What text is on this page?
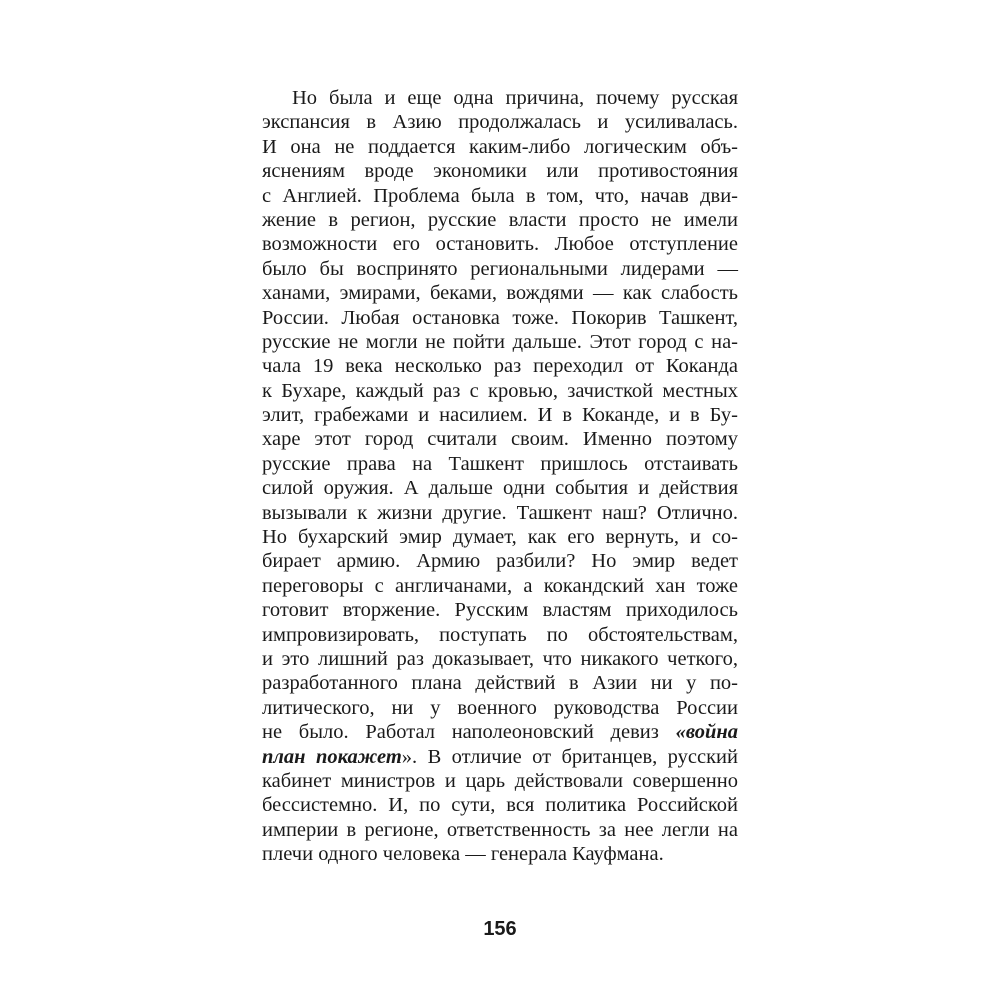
Но была и еще одна причина, почему русская
экспансия в Азию продолжалась и усиливалась.
И она не поддается каким-либо логическим объ-
яснениям вроде экономики или противостояния
с Англией. Проблема была в том, что, начав дви-
жение в регион, русские власти просто не имели
возможности его остановить. Любое отступление
было бы воспринято региональными лидерами —
ханами, эмирами, беками, вождями — как слабость
России. Любая остановка тоже. Покорив Ташкент,
русские не могли не пойти дальше. Этот город с на-
чала 19 века несколько раз переходил от Коканда
к Бухаре, каждый раз с кровью, зачисткой местных
элит, грабежами и насилием. И в Коканде, и в Бу-
харе этот город считали своим. Именно поэтому
русские права на Ташкент пришлось отстаивать
силой оружия. А дальше одни события и действия
вызывали к жизни другие. Ташкент наш? Отлично.
Но бухарский эмир думает, как его вернуть, и со-
бирает армию. Армию разбили? Но эмир ведет
переговоры с англичанами, а кокандский хан тоже
готовит вторжение. Русским властям приходилось
импровизировать, поступать по обстоятельствам,
и это лишний раз доказывает, что никакого четкого,
разработанного плана действий в Азии ни у по-
литического, ни у военного руководства России
не было. Работал наполеоновский девиз «война
план покажет». В отличие от британцев, русский
кабинет министров и царь действовали совершенно
бессистемно. И, по сути, вся политика Российской
империи в регионе, ответственность за нее легли на
плечи одного человека — генерала Кауфмана.
156
